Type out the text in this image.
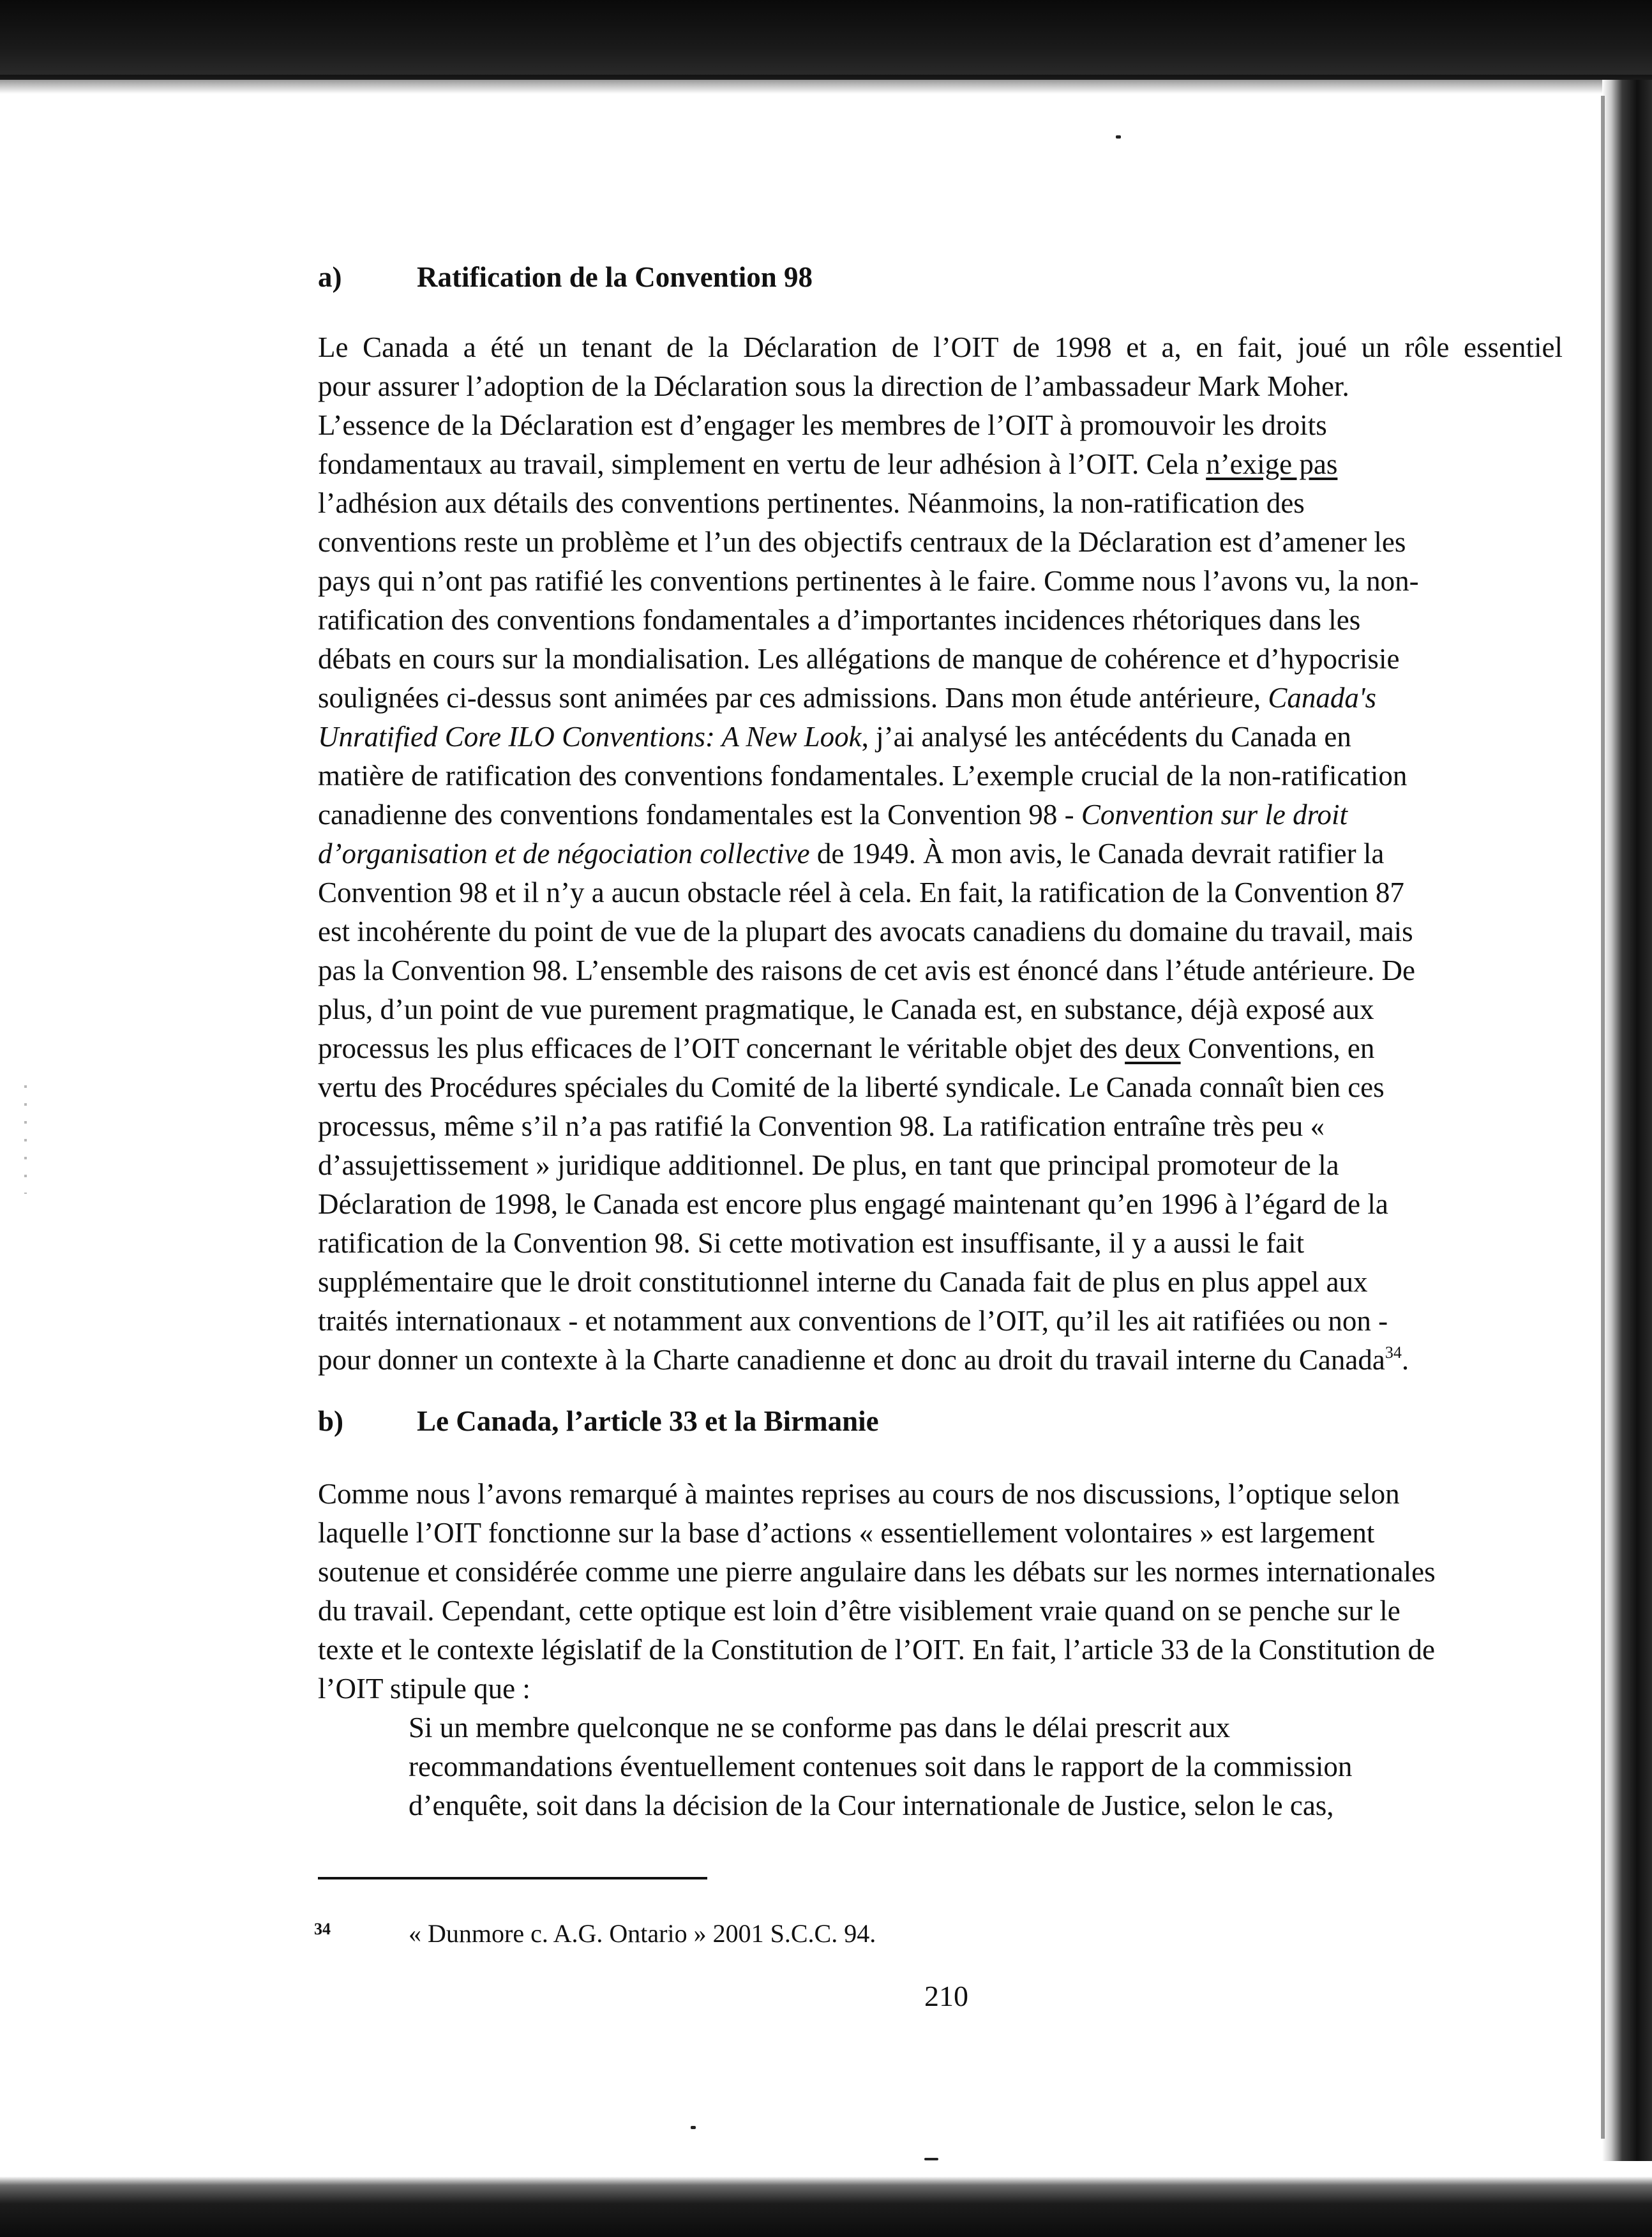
a)	Ratification de la Convention 98
Le Canada a été un tenant de la Déclaration de l’OIT de 1998 et a, en fait, joué un rôle essentiel
pour assurer l’adoption de la Déclaration sous la direction de l’ambassadeur Mark Moher.
L’essence de la Déclaration est d’engager les membres de l’OIT à promouvoir les droits
fondamentaux au travail, simplement en vertu de leur adhésion à l’OIT. Cela n’exige pas
l’adhésion aux détails des conventions pertinentes. Néanmoins, la non-ratification des
conventions reste un problème et l’un des objectifs centraux de la Déclaration est d’amener les
pays qui n’ont pas ratifié les conventions pertinentes à le faire. Comme nous l’avons vu, la non-
ratification des conventions fondamentales a d’importantes incidences rhétoriques dans les
débats en cours sur la mondialisation. Les allégations de manque de cohérence et d’hypocrisie
soulignées ci-dessus sont animées par ces admissions. Dans mon étude antérieure, Canada's
Unratified Core ILO Conventions: A New Look, j’ai analysé les antécédents du Canada en
matière de ratification des conventions fondamentales. L’exemple crucial de la non-ratification
canadienne des conventions fondamentales est la Convention 98 - Convention sur le droit
d’organisation et de négociation collective de 1949. À mon avis, le Canada devrait ratifier la
Convention 98 et il n’y a aucun obstacle réel à cela. En fait, la ratification de la Convention 87
est incohérente du point de vue de la plupart des avocats canadiens du domaine du travail, mais
pas la Convention 98. L’ensemble des raisons de cet avis est énoncé dans l’étude antérieure. De
plus, d’un point de vue purement pragmatique, le Canada est, en substance, déjà exposé aux
processus les plus efficaces de l’OIT concernant le véritable objet des deux Conventions, en
vertu des Procédures spéciales du Comité de la liberté syndicale. Le Canada connaît bien ces
processus, même s’il n’a pas ratifié la Convention 98. La ratification entraîne très peu «
d’assujettissement » juridique additionnel. De plus, en tant que principal promoteur de la
Déclaration de 1998, le Canada est encore plus engagé maintenant qu’en 1996 à l’égard de la
ratification de la Convention 98. Si cette motivation est insuffisante, il y a aussi le fait
supplémentaire que le droit constitutionnel interne du Canada fait de plus en plus appel aux
traités internationaux - et notamment aux conventions de l’OIT, qu’il les ait ratifiées ou non -
pour donner un contexte à la Charte canadienne et donc au droit du travail interne du Canada$^{34}$.
b)	Le Canada, l’article 33 et la Birmanie
Comme nous l’avons remarqué à maintes reprises au cours de nos discussions, l’optique selon
laquelle l’OIT fonctionne sur la base d’actions « essentiellement volontaires » est largement
soutenue et considérée comme une pierre angulaire dans les débats sur les normes internationales
du travail. Cependant, cette optique est loin d’être visiblement vraie quand on se penche sur le
texte et le contexte législatif de la Constitution de l’OIT. En fait, l’article 33 de la Constitution de
l’OIT stipule que :
Si un membre quelconque ne se conforme pas dans le délai prescrit aux
recommandations éventuellement contenues soit dans le rapport de la commission
d’enquête, soit dans la décision de la Cour internationale de Justice, selon le cas,
34	« Dunmore c. A.G. Ontario » 2001 S.C.C. 94.
210
